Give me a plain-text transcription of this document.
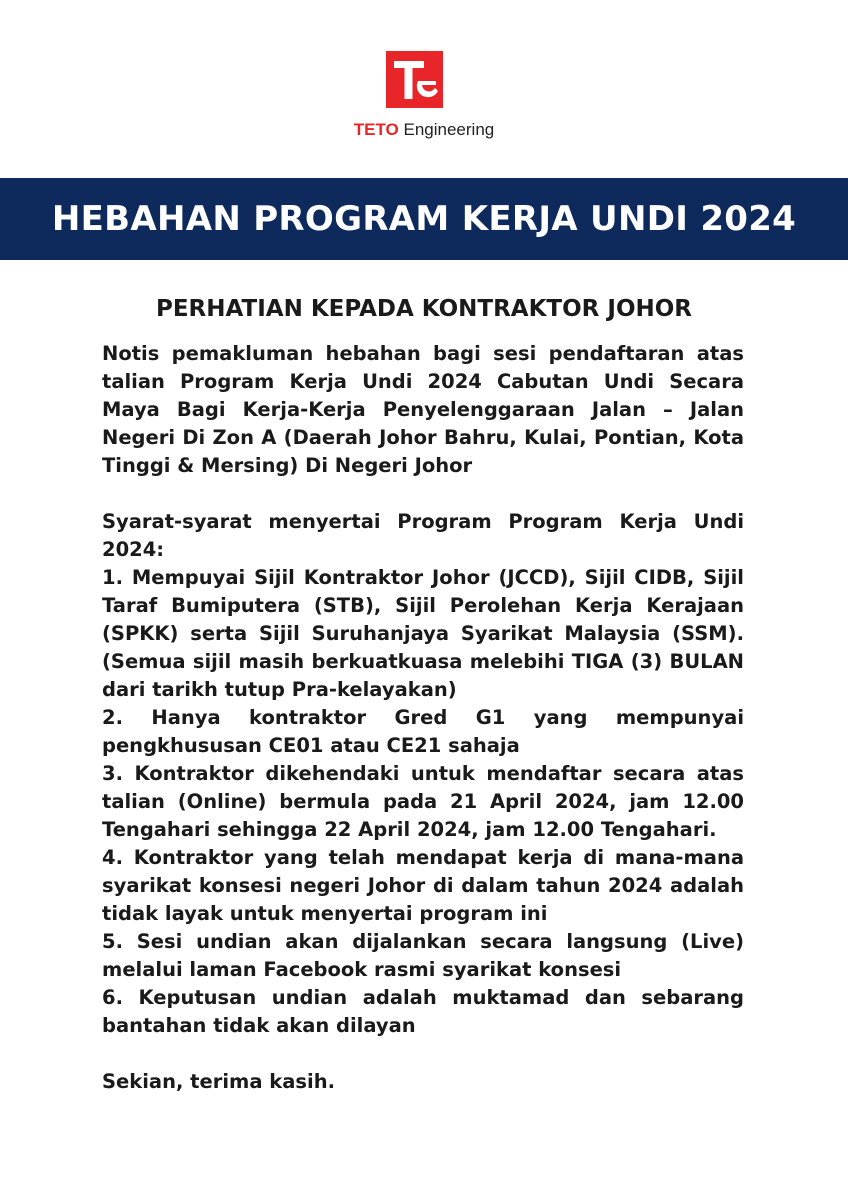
TETO Engineering
HEBAHAN PROGRAM KERJA UNDI 2024
PERHATIAN KEPADA KONTRAKTOR JOHOR

Notis pemakluman hebahan bagi sesi pendaftaran atas talian Program Kerja Undi 2024 Cabutan Undi Secara Maya Bagi Kerja-Kerja Penyelenggaraan Jalan – Jalan Negeri Di Zon A (Daerah Johor Bahru, Kulai, Pontian, Kota Tinggi & Mersing) Di Negeri Johor

Syarat-syarat menyertai Program Program Kerja Undi 2024:

1. Mempuyai Sijil Kontraktor Johor (JCCD), Sijil CIDB, Sijil Taraf Bumiputera (STB), Sijil Perolehan Kerja Kerajaan (SPKK) serta Sijil Suruhanjaya Syarikat Malaysia (SSM). (Semua sijil masih berkuatkuasa melebihi TIGA (3) BULAN dari tarikh tutup Pra-kelayakan)

2. Hanya kontraktor Gred G1 yang mempunyai pengkhususan CE01 atau CE21 sahaja

3. Kontraktor dikehendaki untuk mendaftar secara atas talian (Online) bermula pada 21 April 2024, jam 12.00 Tengahari sehingga 22 April 2024, jam 12.00 Tengahari.

4. Kontraktor yang telah mendapat kerja di mana-mana syarikat konsesi negeri Johor di dalam tahun 2024 adalah tidak layak untuk menyertai program ini

5. Sesi undian akan dijalankan secara langsung (Live) melalui laman Facebook rasmi syarikat konsesi

6. Keputusan undian adalah muktamad dan sebarang bantahan tidak akan dilayan

Sekian, terima kasih.
